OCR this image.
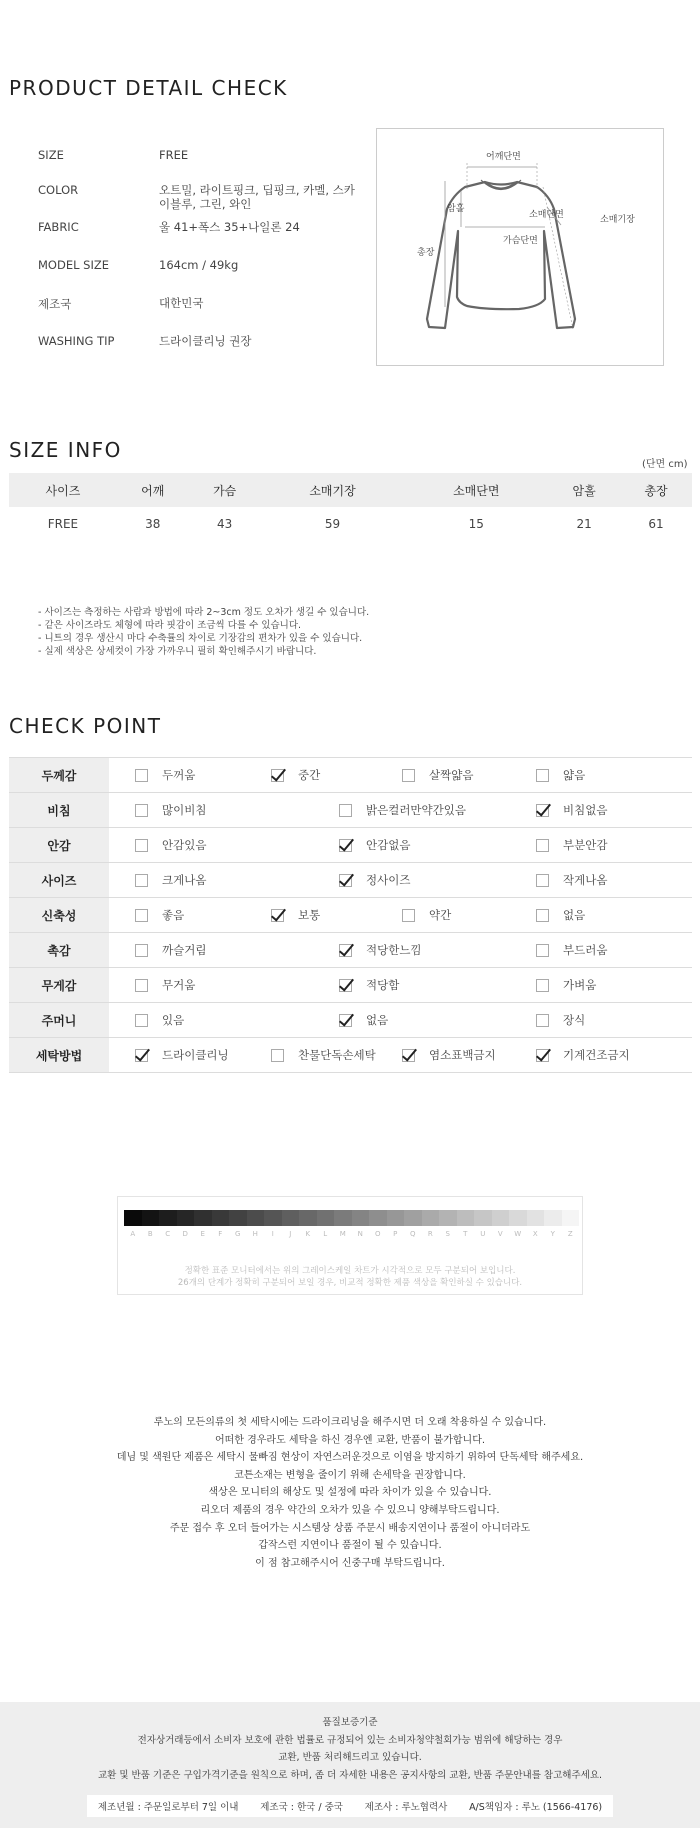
PRODUCT DETAIL CHECK
SIZE	FREE
COLOR	오트밀, 라이트핑크, 딥핑크, 카멜, 스카이블루, 그린, 와인
FABRIC	울 41+폭스 35+나일론 24
MODEL SIZE	164cm / 49kg
제조국	대한민국
WASHING TIP	드라이클리닝 권장
어깨단면
암홀
소매단면	소매기장
가슴단면
총장
SIZE INFO
(단면 cm)
사이즈	어깨	가슴	소매기장	소매단면	암홀	총장
FREE	38	43	59	15	21	61
- 사이즈는 측정하는 사람과 방법에 따라 2~3cm 정도 오차가 생길 수 있습니다.
- 같은 사이즈라도 체형에 따라 핏감이 조금씩 다를 수 있습니다.
- 니트의 경우 생산시 마다 수축률의 차이로 기장감의 편차가 있을 수 있습니다.
- 실제 색상은 상세컷이 가장 가까우니 필히 확인해주시기 바랍니다.
CHECK POINT
두께감	두꺼움 중간 살짝얇음 얇음

비침	많이비침 밝은컬러만약간있음 비침없음

안감	안감있음 안감없음 부분안감

사이즈	크게나옴 정사이즈 작게나옴

신축성	좋음 보통 약간 없음

촉감	까슬거림 적당한느낌 부드러움

무게감	무거움 적당함 가벼움

주머니	있음 없음 장식

세탁방법	드라이클리닝 찬물단독손세탁 염소표백금지 기계건조금지
A	B	C	D	E	F	G	H	I	J	K	L	M	N	O	P	Q	R	S	T	U	V	W	X	Y	Z
정확한 표준 모니터에서는 위의 그레이스케일 차트가 시각적으로 모두 구분되어 보입니다.
26개의 단계가 정확히 구분되어 보일 경우, 비교적 정확한 제품 색상을 확인하실 수 있습니다.
루노의 모든의류의 첫 세탁시에는 드라이크리닝을 해주시면 더 오래 착용하실 수 있습니다.
어떠한 경우라도 세탁을 하신 경우엔 교환, 반품이 불가합니다.
데님 및 색원단 제품은 세탁시 물빠짐 현상이 자연스러운것으로 이염을 방지하기 위하여 단독세탁 해주세요.
코튼소재는 변형을 줄이기 위해 손세탁을 권장합니다.
색상은 모니터의 해상도 및 설정에 따라 차이가 있을 수 있습니다.
리오더 제품의 경우 약간의 오차가 있을 수 있으니 양해부탁드립니다.
주문 접수 후 오더 들어가는 시스템상 상품 주문시 배송지연이나 품절이 아니더라도
갑작스런 지연이나 품절이 될 수 있습니다.
이 점 참고해주시어 신중구매 부탁드립니다.
품질보증기준
전자상거래등에서 소비자 보호에 관한 법률로 규정되어 있는 소비자청약철회가능 범위에 해당하는 경우
교환, 반품 처리해드리고 있습니다.
교환 및 반품 기준은 구입가격기준을 원칙으로 하며, 좀 더 자세한 내용은 공지사항의 교환, 반품 주문안내를 참고해주세요.
제조년월 : 주문일로부터 7일 이내 제조국 : 한국 / 중국 제조사 : 루노협력사 A/S책임자 : 루노 (1566-4176)
